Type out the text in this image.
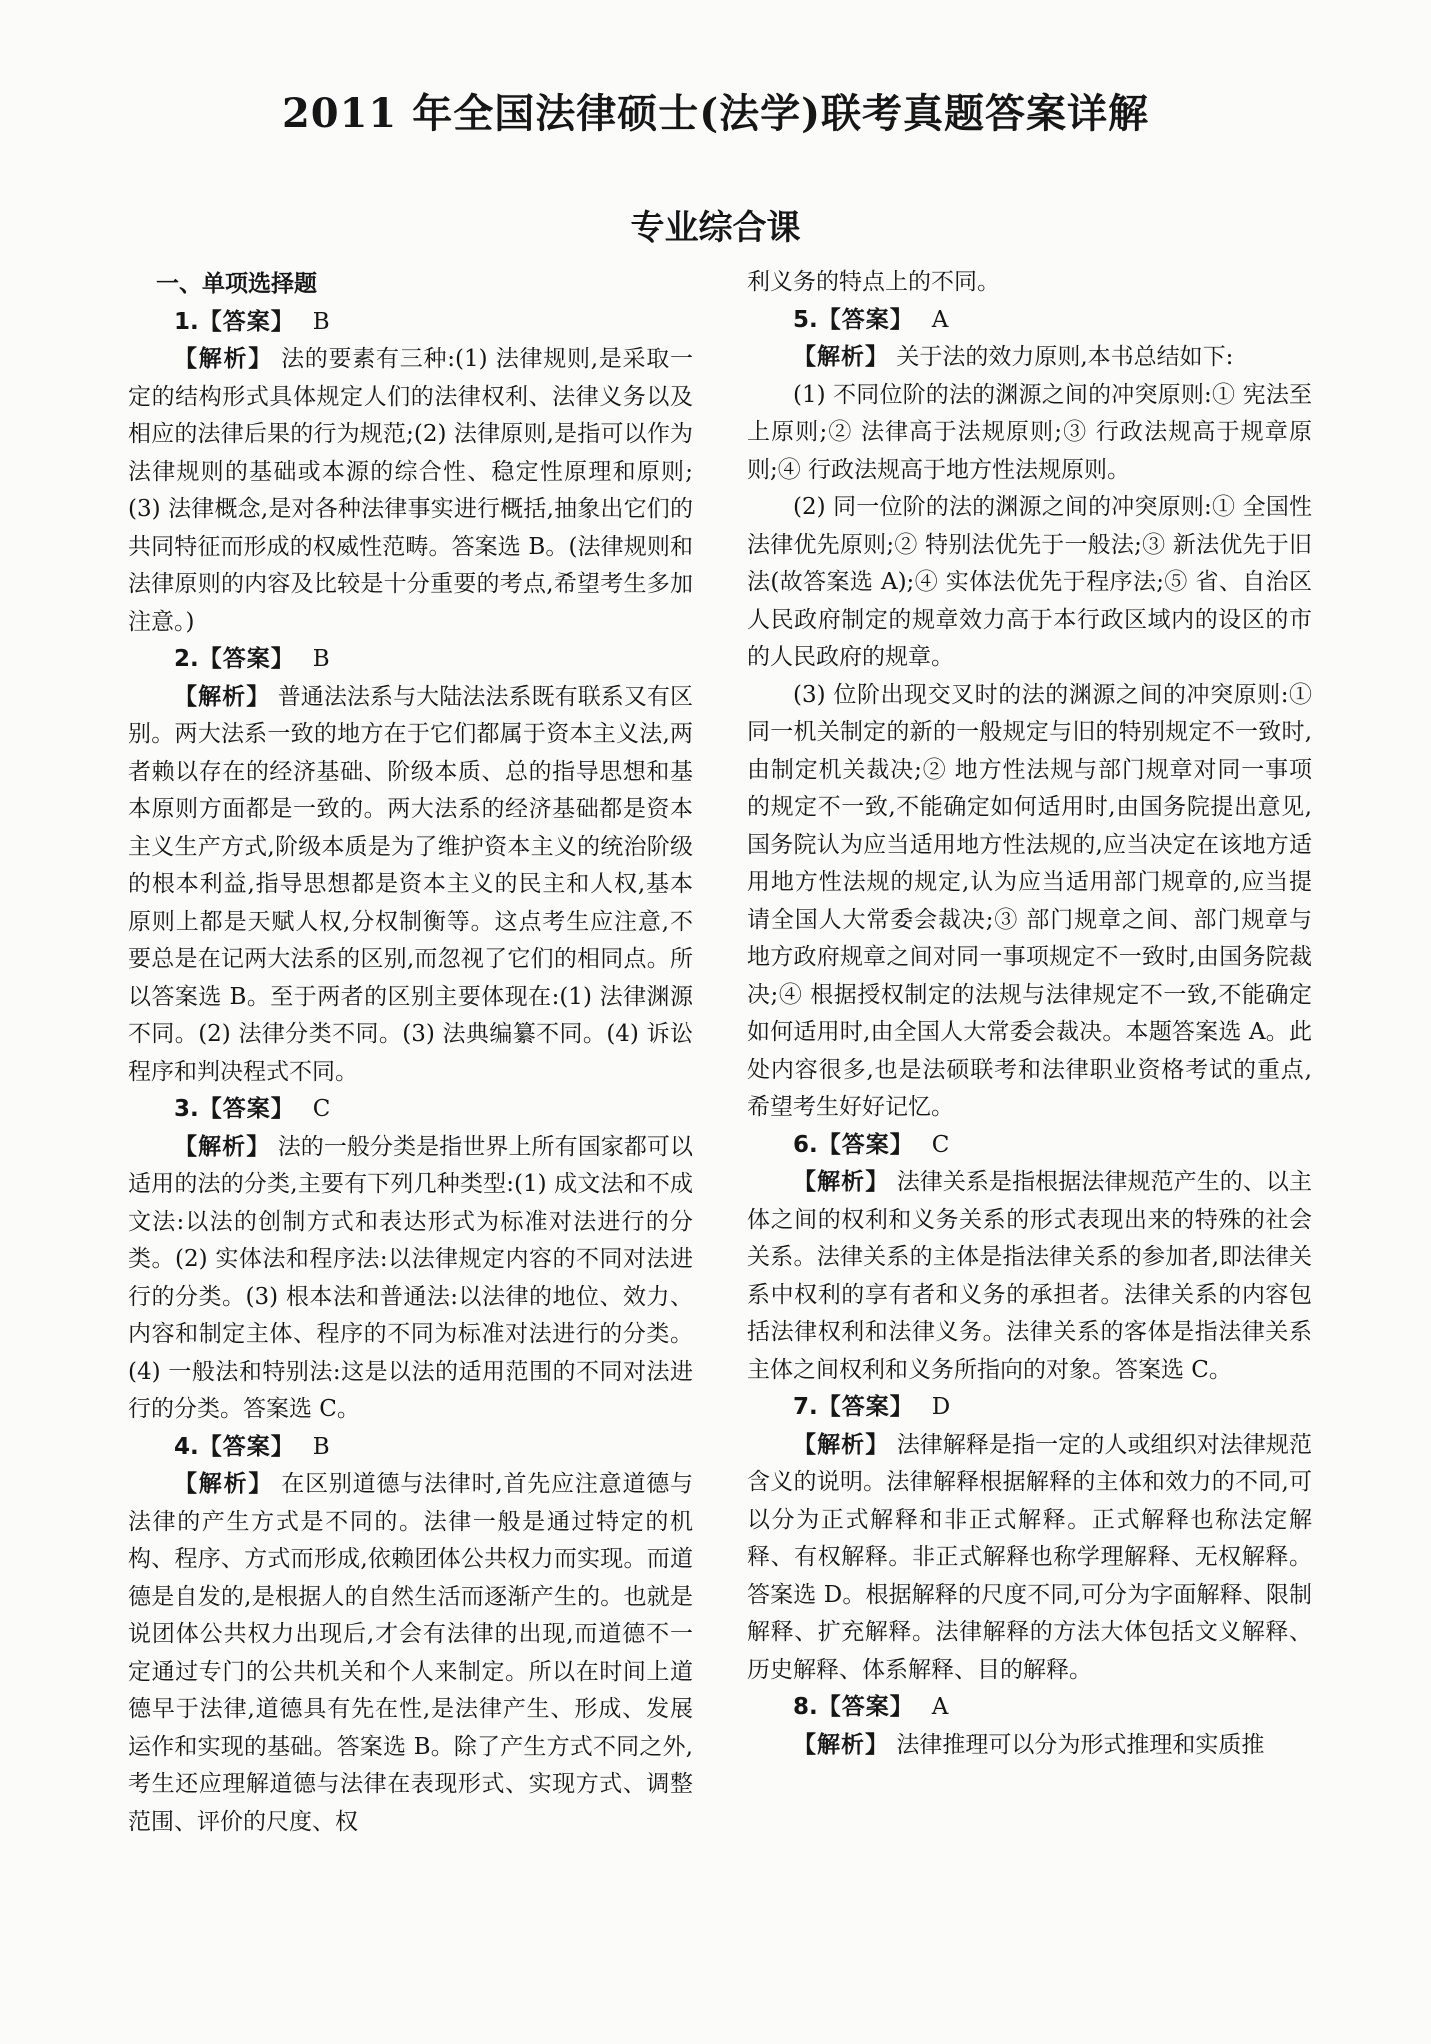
2011 年全国法律硕士(法学)联考真题答案详解
专业综合课

一、单项选择题

1.【答案】 B

【解析】 法的要素有三种:(1) 法律规则,是采取一定的结构形式具体规定人们的法律权利、法律义务以及相应的法律后果的行为规范;(2) 法律原则,是指可以作为法律规则的基础或本源的综合性、稳定性原理和原则;(3) 法律概念,是对各种法律事实进行概括,抽象出它们的共同特征而形成的权威性范畴。答案选 B。(法律规则和法律原则的内容及比较是十分重要的考点,希望考生多加注意。)

2.【答案】 B

【解析】 普通法法系与大陆法法系既有联系又有区别。两大法系一致的地方在于它们都属于资本主义法,两者赖以存在的经济基础、阶级本质、总的指导思想和基本原则方面都是一致的。两大法系的经济基础都是资本主义生产方式,阶级本质是为了维护资本主义的统治阶级的根本利益,指导思想都是资本主义的民主和人权,基本原则上都是天赋人权,分权制衡等。这点考生应注意,不要总是在记两大法系的区别,而忽视了它们的相同点。所以答案选 B。至于两者的区别主要体现在:(1) 法律渊源不同。(2) 法律分类不同。(3) 法典编纂不同。(4) 诉讼程序和判决程式不同。

3.【答案】 C

【解析】 法的一般分类是指世界上所有国家都可以适用的法的分类,主要有下列几种类型:(1) 成文法和不成文法:以法的创制方式和表达形式为标准对法进行的分类。(2) 实体法和程序法:以法律规定内容的不同对法进行的分类。(3) 根本法和普通法:以法律的地位、效力、内容和制定主体、程序的不同为标准对法进行的分类。(4) 一般法和特别法:这是以法的适用范围的不同对法进行的分类。答案选 C。

4.【答案】 B

【解析】 在区别道德与法律时,首先应注意道德与法律的产生方式是不同的。法律一般是通过特定的机构、程序、方式而形成,依赖团体公共权力而实现。而道德是自发的,是根据人的自然生活而逐渐产生的。也就是说团体公共权力出现后,才会有法律的出现,而道德不一定通过专门的公共机关和个人来制定。所以在时间上道德早于法律,道德具有先在性,是法律产生、形成、发展运作和实现的基础。答案选 B。除了产生方式不同之外,考生还应理解道德与法律在表现形式、实现方式、调整范围、评价的尺度、权

利义务的特点上的不同。

5.【答案】 A

【解析】 关于法的效力原则,本书总结如下:

(1) 不同位阶的法的渊源之间的冲突原则:① 宪法至上原则;② 法律高于法规原则;③ 行政法规高于规章原则;④ 行政法规高于地方性法规原则。

(2) 同一位阶的法的渊源之间的冲突原则:① 全国性法律优先原则;② 特别法优先于一般法;③ 新法优先于旧法(故答案选 A);④ 实体法优先于程序法;⑤ 省、自治区人民政府制定的规章效力高于本行政区域内的设区的市的人民政府的规章。

(3) 位阶出现交叉时的法的渊源之间的冲突原则:① 同一机关制定的新的一般规定与旧的特别规定不一致时,由制定机关裁决;② 地方性法规与部门规章对同一事项的规定不一致,不能确定如何适用时,由国务院提出意见,国务院认为应当适用地方性法规的,应当决定在该地方适用地方性法规的规定,认为应当适用部门规章的,应当提请全国人大常委会裁决;③ 部门规章之间、部门规章与地方政府规章之间对同一事项规定不一致时,由国务院裁决;④ 根据授权制定的法规与法律规定不一致,不能确定如何适用时,由全国人大常委会裁决。本题答案选 A。此处内容很多,也是法硕联考和法律职业资格考试的重点,希望考生好好记忆。

6.【答案】 C

【解析】 法律关系是指根据法律规范产生的、以主体之间的权利和义务关系的形式表现出来的特殊的社会关系。法律关系的主体是指法律关系的参加者,即法律关系中权利的享有者和义务的承担者。法律关系的内容包括法律权利和法律义务。法律关系的客体是指法律关系主体之间权利和义务所指向的对象。答案选 C。

7.【答案】 D

【解析】 法律解释是指一定的人或组织对法律规范含义的说明。法律解释根据解释的主体和效力的不同,可以分为正式解释和非正式解释。正式解释也称法定解释、有权解释。非正式解释也称学理解释、无权解释。答案选 D。根据解释的尺度不同,可分为字面解释、限制解释、扩充解释。法律解释的方法大体包括文义解释、历史解释、体系解释、目的解释。

8.【答案】 A

【解析】 法律推理可以分为形式推理和实质推
